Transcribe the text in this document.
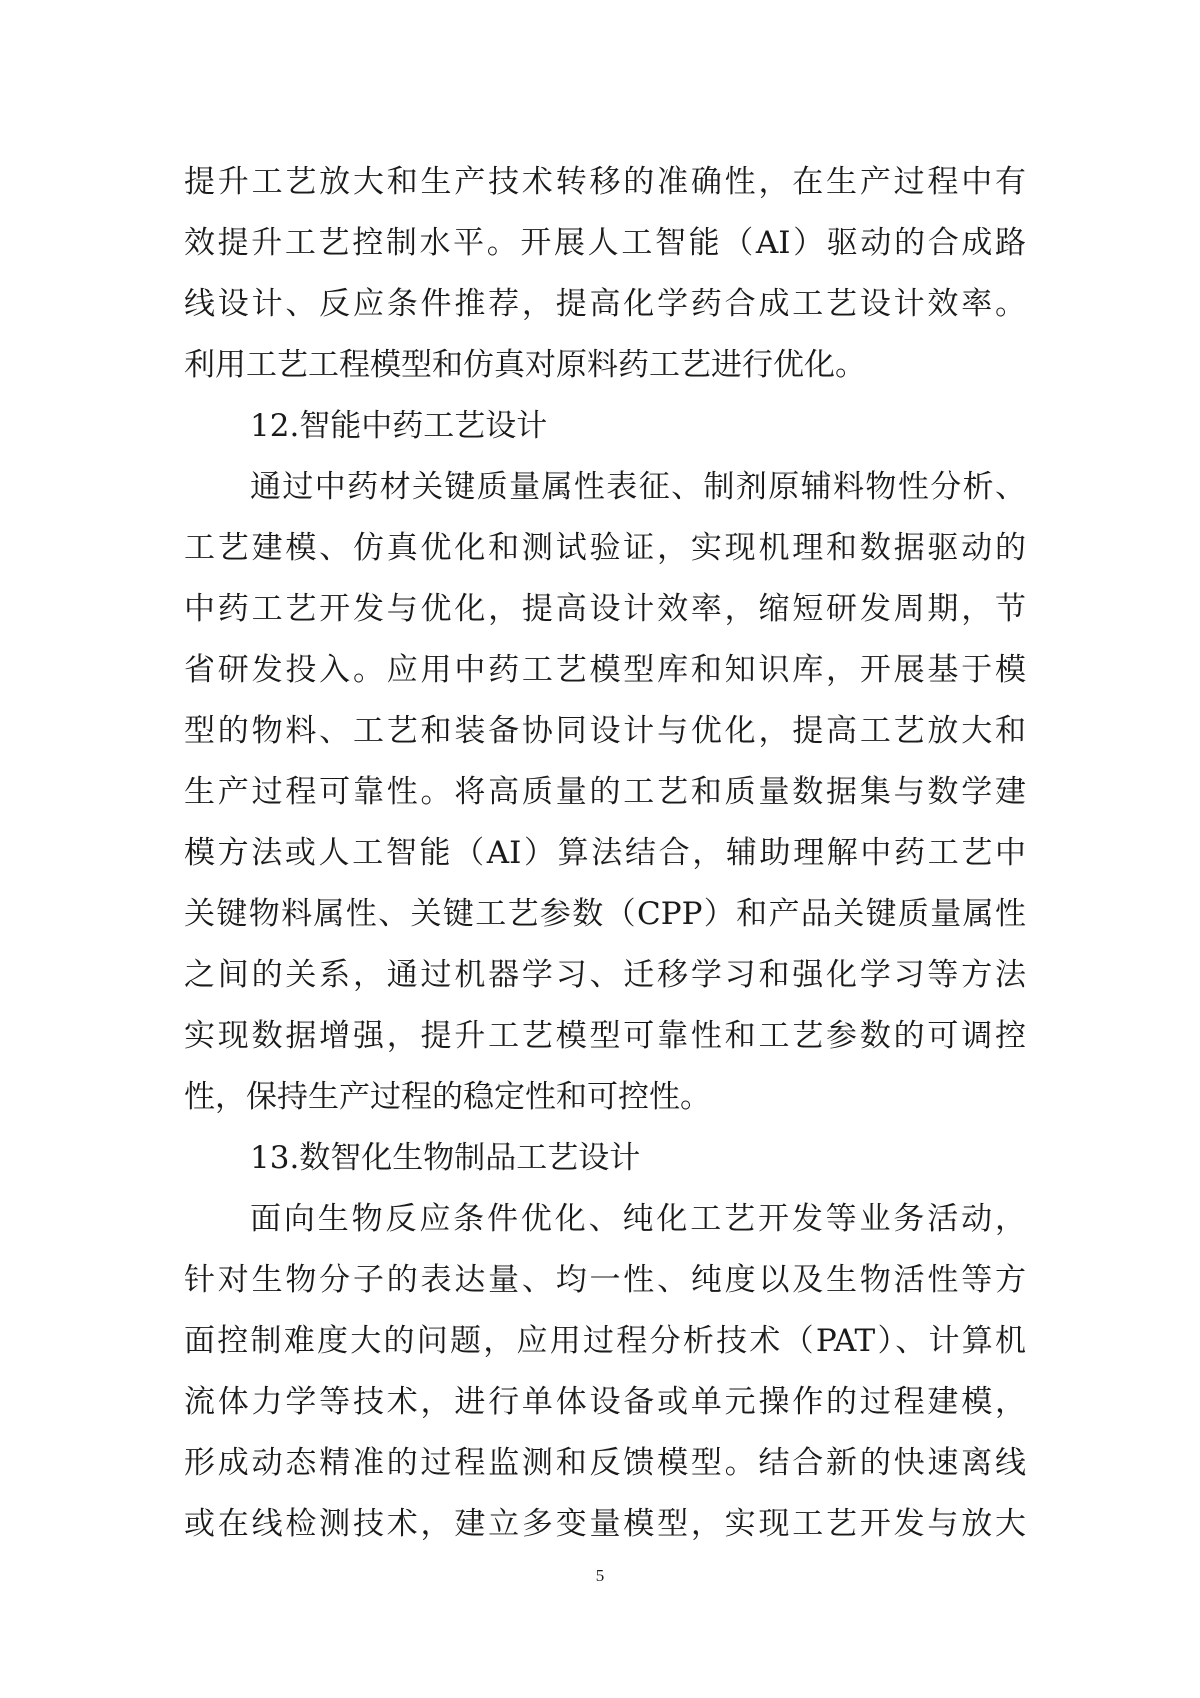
提升工艺放大和生产技术转移的准确性，在生产过程中有
效提升工艺控制水平。开展人工智能（AI）驱动的合成路
线设计、反应条件推荐，提高化学药合成工艺设计效率。
利用工艺工程模型和仿真对原料药工艺进行优化。
12.智能中药工艺设计
通过中药材关键质量属性表征、制剂原辅料物性分析、
工艺建模、仿真优化和测试验证，实现机理和数据驱动的
中药工艺开发与优化，提高设计效率，缩短研发周期，节
省研发投入。应用中药工艺模型库和知识库，开展基于模
型的物料、工艺和装备协同设计与优化，提高工艺放大和
生产过程可靠性。将高质量的工艺和质量数据集与数学建
模方法或人工智能（AI）算法结合，辅助理解中药工艺中
关键物料属性、关键工艺参数（CPP）和产品关键质量属性
之间的关系，通过机器学习、迁移学习和强化学习等方法
实现数据增强，提升工艺模型可靠性和工艺参数的可调控
性，保持生产过程的稳定性和可控性。
13.数智化生物制品工艺设计
面向生物反应条件优化、纯化工艺开发等业务活动，
针对生物分子的表达量、均一性、纯度以及生物活性等方
面控制难度大的问题，应用过程分析技术（PAT）、计算机
流体力学等技术，进行单体设备或单元操作的过程建模，
形成动态精准的过程监测和反馈模型。结合新的快速离线
或在线检测技术，建立多变量模型，实现工艺开发与放大
5
